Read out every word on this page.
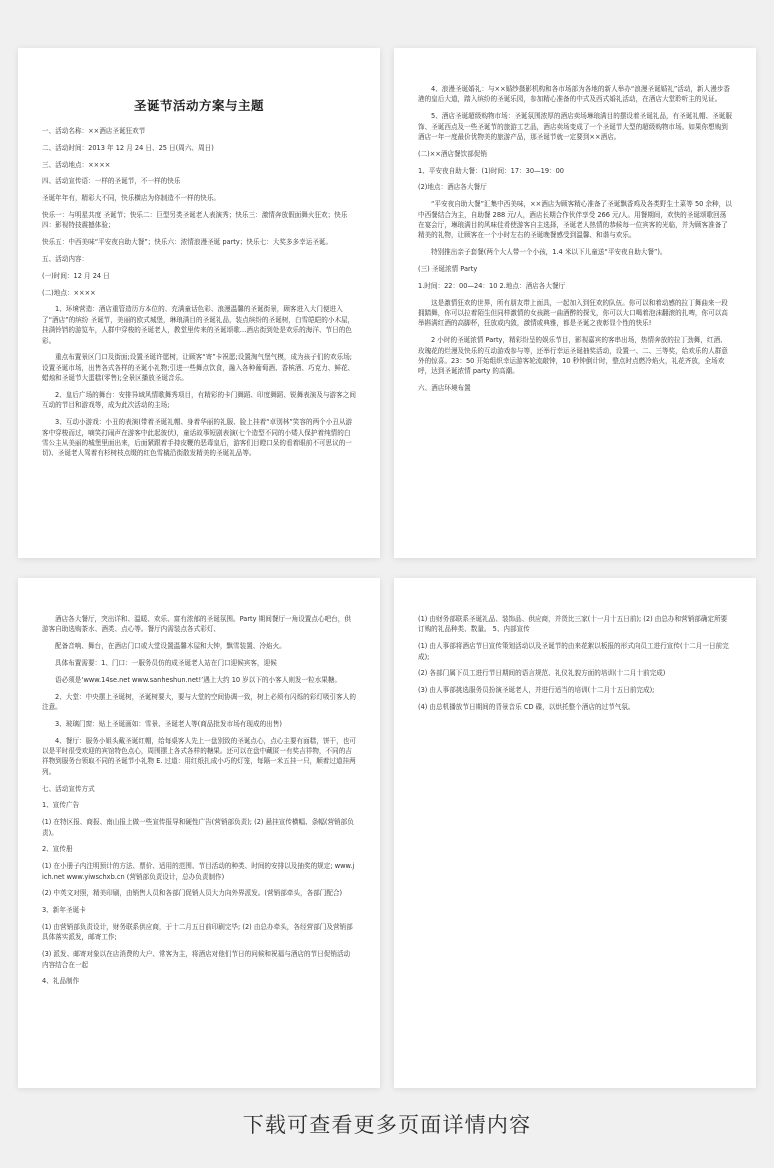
圣诞节活动方案与主题

一、活动名称：××酒店圣诞狂欢节

二、活动时间：2013 年 12 月 24 日、25 日(周六、周日)

三、活动地点：××××

四、活动宣传语：一样的圣诞节，不一样的快乐

圣诞年年有，精彩大不同，快乐横店为你制造不一样的快乐。

快乐一：与明星共度 圣诞节；快乐二：巨型另类圣诞老人表演秀；快乐三：激情奔放假面舞火狂欢；快乐四：影视特技震撼体验；

快乐五：中西美味“平安夜自助大餐”；快乐六：浓情浪漫圣诞 party；快乐七：大奖多多幸运圣诞。

五、活动内容：

(一)时间：12 月 24 日

(二)地点：××××

1、环境营造：酒店重管造历方本位的、充满童话色彩、浪漫温馨的圣诞街景，顾客进入大门便进入了“酒店”的缤纷 圣诞节，美丽的欧式城堡，琳琅满目的圣诞礼品，装点缤纷的圣诞树，白雪皑皑的小木屋，挂满铃铛的游览车，人群中穿梭的圣诞老人，教堂里传来的圣诞颂歌…酒店街到处是欢乐的海洋、节日的色彩。

重点布置景区门口及街面;设置圣诞许愿树，让顾客“寄”卡祝愿;设置淘气堡气模，成为孩子们的欢乐场;设置圣诞市场，出售各式各样的圣诞小礼物;引进一些舞点饮食，融入各种葡萄酒、香槟酒、巧克力、鲜花、蜡烛和圣诞节大蛋糕(零售);全景区播放圣诞音乐。

2、皇后广场的舞台：安排异域风情歌舞秀项目，有精彩的卡门舞蹈、印度舞蹈、锐舞表演及与游客之间互动的节目和游戏等，成为此次活动的主场;

3、互动小游戏：小丑的表演(带着圣诞礼帽、身着华丽的礼服、脸上挂着“卓别林”笑容的两个小丑从游客中穿梭而过，嘀笑打闹声在游客中此起彼伏)，童话故事短剧表演(七个造型不同的小矮人保护着纯情的白雪公主从美丽的城堡里面出来，后面紧跟着手持皮鞭的恶毒皇后，游客们目瞪口呆的看着眼前不可思议的一切)、圣诞老人驾着有杉树枝点缀的红色雪橇沿街散发精美的圣诞礼品等。

4、浪漫圣诞婚礼：与××婚纱摄影机构和各市场部为各地的新人举办“浪漫圣诞婚礼”活动，新人漫步香港的皇后大道，踏入缤纷的圣诞乐园，参加精心准备的中式及西式婚礼活动，在酒店大堂聆听主的见证。

5、酒店圣诞超级购物市场：圣诞氛围浓厚的酒店卖场琳琅满目的摆设着圣诞礼品，有圣诞礼帽、圣诞服饰、圣诞西点及一些圣诞节的旅游工艺品，酒店卖场变成了一个圣诞节大型的超级购物市场。如果你想购到酒店一年一度最价优物美的旅游产品，那圣诞节就一定要到××酒店。

(二)××酒店餐饮部促销

1、平安夜自助大餐：(1)时间：17：30—19：00

(2)地点：酒店各大餐厅

“平安夜自助大餐”汇集中西美味，××酒店为顾客精心准备了圣诞飘香鸡及各类野生土菜等 50 余种，以中西餐结合为主，自助餐 288 元/人，酒店长期合作伙伴享受 266 元/人。用餐期间，欢快的圣诞颂歌回荡在宴会厅，琳琅满目的风味佳肴使游客自主选择，圣诞老人热情的恭候每一位宾客的光临，并为顾客准备了精美的礼物，让顾客在一个小时左右的圣诞晚餐感受到温馨、和谐与欢乐。

特别推出亲子套餐(两个大人带一个小孩，1.4 米以下儿童送“平安夜自助大餐”)。

(三) 圣诞浓情 Party

1.时间：22：00—24：10 2.地点：酒店各大餐厅

这是激情狂欢的世界，所有朋友带上面具，一起加入到狂欢的队伍。你可以和着动感的拉丁舞曲来一段拥踏舞，你可以拉着陌生但同样激情的女孩跳一曲酒醉的探戈，你可以大口喝着泡沫翻滚的扎啤，你可以高举斟满红酒的高脚杯，狂放或内敛，激情或典雅，都是圣诞之夜彰显个性的快乐!

2 小时的圣诞浓情 Party，精彩纷呈的娱乐节目，影视嘉宾的客串出场，热情奔放的拉丁劲舞，红酒、玫瑰花的烂漫及快乐的互动游戏参与等，还举行幸运圣诞抽奖活动，设置一、二、三等奖，给欢乐的人群意外的惊喜。23：50 开始组织幸运游客轮流敲钟，10 秒钟倒计时，整点时点燃冷焰火，礼花齐放，全场欢呼，达到圣诞浓情 party 的高潮。

六、酒店环境布置

酒店各大餐厅，突出详和、温暖、欢乐、富有浓郁的圣诞氛围。Party 期间餐厅一角设置点心吧台，供游客自助选购茶水、酒类、点心等。餐厅内需装点各式彩灯、

配备音响、舞台，在酒店门口或大堂设置温馨木屋和大钟，飘雪装置、冷焰火。

具体布置需要：1、门口：一服务员仿的成圣诞老人站在门口迎候宾客，迎候

语必须是‘www.14se.net www.sanheshun.net!’遇上大约 10 岁以下的小客人则发一粒水果糖。

2、大堂：中央摆上圣诞树，圣诞树要大，要与大堂的空间协调一致，树上必须有闪烁的彩灯吸引客人的注意。

3、玻璃门窗：贴上圣诞画如：雪景、圣诞老人等(商品批发市场有现成的出售)

4、餐厅：服务小姐头戴圣诞红帽，给每桌客人先上一盘别致的圣诞点心，点心主要有面糕，饼干，也可以是平时很受欢迎的宾馆特色点心，周围摆上各式各样的糖果。还可以在盘中藏匿一有奖吉祥物，不同的吉祥物到服务台领取不同的圣诞节小礼物 E. 过道：用红纸扎成小巧的灯笼，每隔一米五挂一只，顺着过道挂两列。

七、活动宣传方式

1、宣传广告

(1) 在特区报、商报、南山报上做一些宣传报导和硬性广告(营销部负责); (2) 悬挂宣传横幅、条幅(营销部负责)。

2、宣传册

(1) 在小册子内注明预计的方法、票价、适用的范围、节目活动的种类、时间的安排以及抽奖的规定; www.jich.net www.yiwschxb.cn (营销部负责设计，总办负责制作)

(2) 中英文对照，精美印刷，由销售人员和各部门促销人员大力向外界派发。(营销部牵头，各部门配合)

3、新年圣诞卡

(1) 由营销部负责设计，财务联系供应商，于十二月五日前印刷完毕; (2) 由总办牵头，各经营部门及营销部具体落实派发，邮寄工作;

(3) 派发、邮寄对象以在店消费的大户、常客为主，将酒店对他们节日的问候和祝福与酒店的节日促销活动内容结合在一起

4、礼品制作

(1) 由财务部联系圣诞礼品、装饰品、供应商，并货比三家(十一月十五日前); (2) 由总办和营销部确定所要订购的礼品种类、数量。 5、内部宣传

(1) 由人事部将酒店节日宣传策划活动以及圣诞节的由来花絮以板报的形式向员工进行宣传(十二月一日前完成);

(2) 各部门属下员工进行节日期间的语言规范、礼仪礼貌方面的培训(十二月十前完成)

(3) 由人事部挑选服务员扮演圣诞老人，并进行适当的培训(十二月十五日前完成);

(4) 由总机播放节日期间的背景音乐 CD 碟，以烘托整个酒店的过节气氛。

下载可查看更多页面详情内容
